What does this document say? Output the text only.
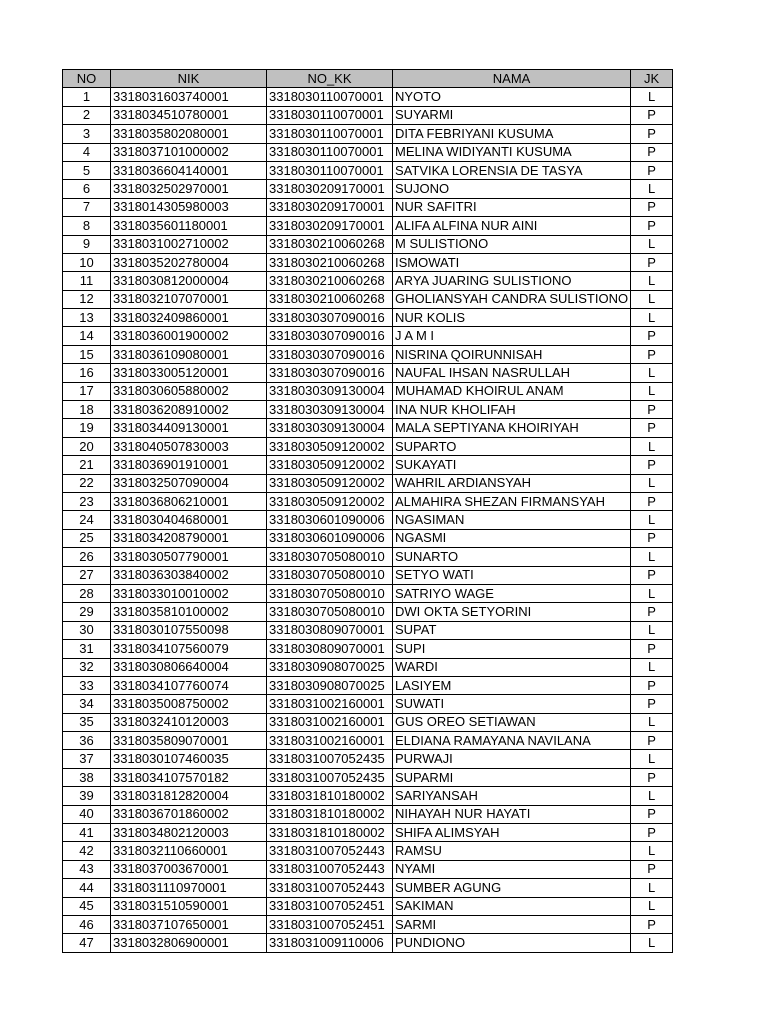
NO	NIK	NO_KK	NAMA	JK
1	3318031603740001	3318030110070001	NYOTO	L
2	3318034510780001	3318030110070001	SUYARMI	P
3	3318035802080001	3318030110070001	DITA FEBRIYANI KUSUMA	P
4	3318037101000002	3318030110070001	MELINA WIDIYANTI KUSUMA	P
5	3318036604140001	3318030110070001	SATVIKA LORENSIA DE TASYA	P
6	3318032502970001	3318030209170001	SUJONO	L
7	3318014305980003	3318030209170001	NUR SAFITRI	P
8	3318035601180001	3318030209170001	ALIFA ALFINA NUR AINI	P
9	3318031002710002	3318030210060268	M SULISTIONO	L
10	3318035202780004	3318030210060268	ISMOWATI	P
11	3318030812000004	3318030210060268	ARYA JUARING SULISTIONO	L
12	3318032107070001	3318030210060268	GHOLIANSYAH CANDRA SULISTIONO	L
13	3318032409860001	3318030307090016	NUR KOLIS	L
14	3318036001900002	3318030307090016	J A M I	P
15	3318036109080001	3318030307090016	NISRINA QOIRUNNISAH	P
16	3318033005120001	3318030307090016	NAUFAL IHSAN NASRULLAH	L
17	3318030605880002	3318030309130004	MUHAMAD KHOIRUL ANAM	L
18	3318036208910002	3318030309130004	INA NUR KHOLIFAH	P
19	3318034409130001	3318030309130004	MALA SEPTIYANA KHOIRIYAH	P
20	3318040507830003	3318030509120002	SUPARTO	L
21	3318036901910001	3318030509120002	SUKAYATI	P
22	3318032507090004	3318030509120002	WAHRIL ARDIANSYAH	L
23	3318036806210001	3318030509120002	ALMAHIRA SHEZAN FIRMANSYAH	P
24	3318030404680001	3318030601090006	NGASIMAN	L
25	3318034208790001	3318030601090006	NGASMI	P
26	3318030507790001	3318030705080010	SUNARTO	L
27	3318036303840002	3318030705080010	SETYO WATI	P
28	3318033010010002	3318030705080010	SATRIYO WAGE	L
29	3318035810100002	3318030705080010	DWI OKTA SETYORINI	P
30	3318030107550098	3318030809070001	SUPAT	L
31	3318034107560079	3318030809070001	SUPI	P
32	3318030806640004	3318030908070025	WARDI	L
33	3318034107760074	3318030908070025	LASIYEM	P
34	3318035008750002	3318031002160001	SUWATI	P
35	3318032410120003	3318031002160001	GUS OREO SETIAWAN	L
36	3318035809070001	3318031002160001	ELDIANA RAMAYANA NAVILANA	P
37	3318030107460035	3318031007052435	PURWAJI	L
38	3318034107570182	3318031007052435	SUPARMI	P
39	3318031812820004	3318031810180002	SARIYANSAH	L
40	3318036701860002	3318031810180002	NIHAYAH NUR HAYATI	P
41	3318034802120003	3318031810180002	SHIFA ALIMSYAH	P
42	3318032110660001	3318031007052443	RAMSU	L
43	3318037003670001	3318031007052443	NYAMI	P
44	3318031110970001	3318031007052443	SUMBER AGUNG	L
45	3318031510590001	3318031007052451	SAKIMAN	L
46	3318037107650001	3318031007052451	SARMI	P
47	3318032806900001	3318031009110006	PUNDIONO	L
